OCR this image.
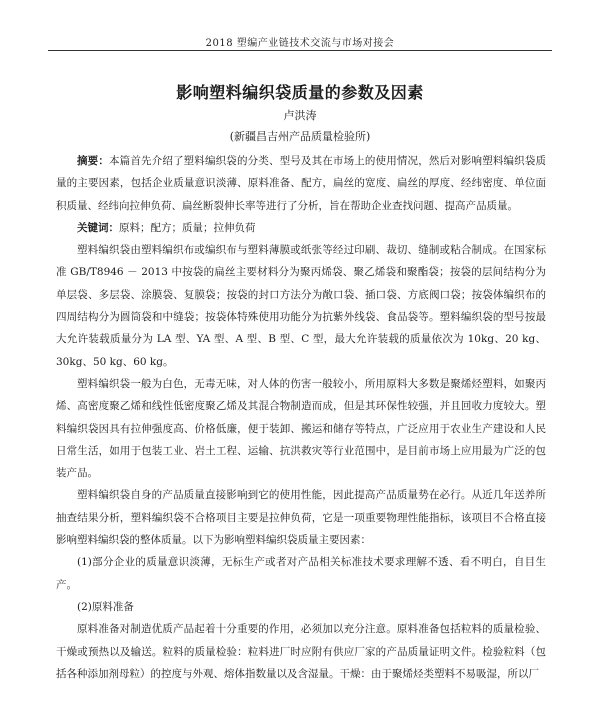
2018 塑编产业链技术交流与市场对接会
影响塑料编织袋质量的参数及因素
卢洪涛
(新疆昌吉州产品质量检验所)

摘要：本篇首先介绍了塑料编织袋的分类、型号及其在市场上的使用情况，然后对影响塑料编织袋质量的主要因素，包括企业质量意识淡薄、原料准备、配方，扁丝的宽度、扁丝的厚度、经纬密度、单位面积质量、经纬向拉伸负荷、扁丝断裂伸长率等进行了分析，旨在帮助企业查找问题、提高产品质量。

关键词：原料；配方；质量；拉伸负荷

塑料编织袋由塑料编织布或编织布与塑料薄膜或纸张等经过印刷、裁切、缝制或粘合制成。在国家标准 GB/T8946 － 2013 中按袋的扁丝主要材料分为聚丙烯袋、聚乙烯袋和聚酯袋；按袋的层间结构分为单层袋、多层袋、涂膜袋、复膜袋；按袋的封口方法分为敞口袋、插口袋、方底阀口袋；按袋体编织布的四周结构分为圆筒袋和中缝袋；按袋体特殊使用功能分为抗紫外线袋、食品袋等。塑料编织袋的型号按最大允许装载质量分为 LA 型、YA 型、A 型、B 型、C 型，最大允许装载的质量依次为 10kg、20 kg、30kg、50 kg、60 kg。

塑料编织袋一般为白色，无毒无味，对人体的伤害一般较小，所用原料大多数是聚烯烃塑料，如聚丙烯、高密度聚乙烯和线性低密度聚乙烯及其混合物制造而成，但是其环保性较强，并且回收力度较大。塑料编织袋因具有拉伸强度高、价格低廉，便于装卸、搬运和储存等特点，广泛应用于农业生产建设和人民日常生活，如用于包装工业、岩土工程、运输、抗洪救灾等行业范围中，是目前市场上应用最为广泛的包装产品。

塑料编织袋自身的产品质量直接影响到它的使用性能，因此提高产品质量势在必行。从近几年送养所抽查结果分析，塑料编织袋不合格项目主要是拉伸负荷，它是一项重要物理性能指标，该项目不合格直接影响塑料编织袋的整体质量。以下为影响塑料编织袋质量主要因素：

(1)部分企业的质量意识淡薄，无标生产或者对产品相关标准技术要求理解不透、看不明白，自目生产。

(2)原料准备

原料准备对制造优质产品起着十分重要的作用，必须加以充分注意。原料准备包括粒料的质量检验、干燥或预热以及输送。粒料的质量检验：粒料进厂时应附有供应厂家的产品质量证明文件。检验粒料（包括各种添加剂母粒）的控度与外观、熔体指数量以及含湿量。干燥：由于聚烯烃类塑料不易吸湿，所以厂
